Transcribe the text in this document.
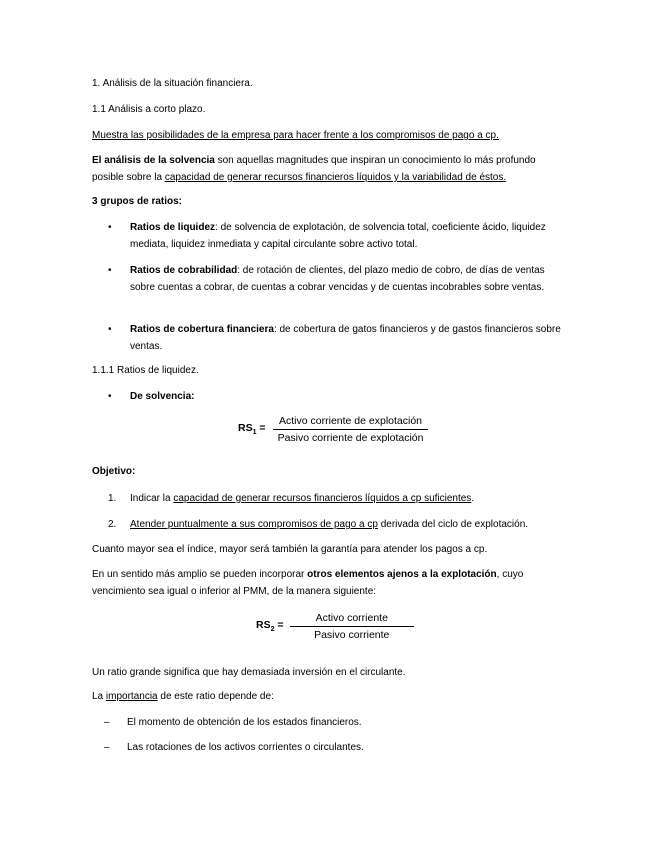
1. Análisis de la situación financiera.
1.1 Análisis a corto plazo.
Muestra las posibilidades de la empresa para hacer frente a los compromisos de pago a cp.
El análisis de la solvencia son aquellas magnitudes que inspiran un conocimiento lo más profundo posible sobre la capacidad de generar recursos financieros líquidos y la variabilidad de éstos.
3 grupos de ratios:
• Ratios de liquidez: de solvencia de explotación, de solvencia total, coeficiente ácido, liquidez mediata, liquidez inmediata y capital circulante sobre activo total.
• Ratios de cobrabilidad: de rotación de clientes, del plazo medio de cobro, de días de ventas sobre cuentas a cobrar, de cuentas a cobrar vencidas y de cuentas incobrables sobre ventas.
• Ratios de cobertura financiera: de cobertura de gatos financieros y de gastos financieros sobre ventas.
1.1.1 Ratios de liquidez.
• De solvencia:
$RS_1$ =
Activo corriente de explotación
Pasivo corriente de explotación
Objetivo:
1. Indicar la capacidad de generar recursos financieros líquidos a cp suficientes.
2. Atender puntualmente a sus compromisos de pago a cp derivada del ciclo de explotación.
Cuanto mayor sea el índice, mayor será también la garantía para atender los pagos a cp.
En un sentido más amplio se pueden incorporar otros elementos ajenos a la explotación, cuyo vencimiento sea igual o inferior al PMM, de la manera siguiente:
$RS_2$ =
Activo corriente
Pasivo corriente
Un ratio grande significa que hay demasiada inversión en el circulante.
La importancia de este ratio depende de:
– El momento de obtención de los estados financieros.
– Las rotaciones de los activos corrientes o circulantes.
